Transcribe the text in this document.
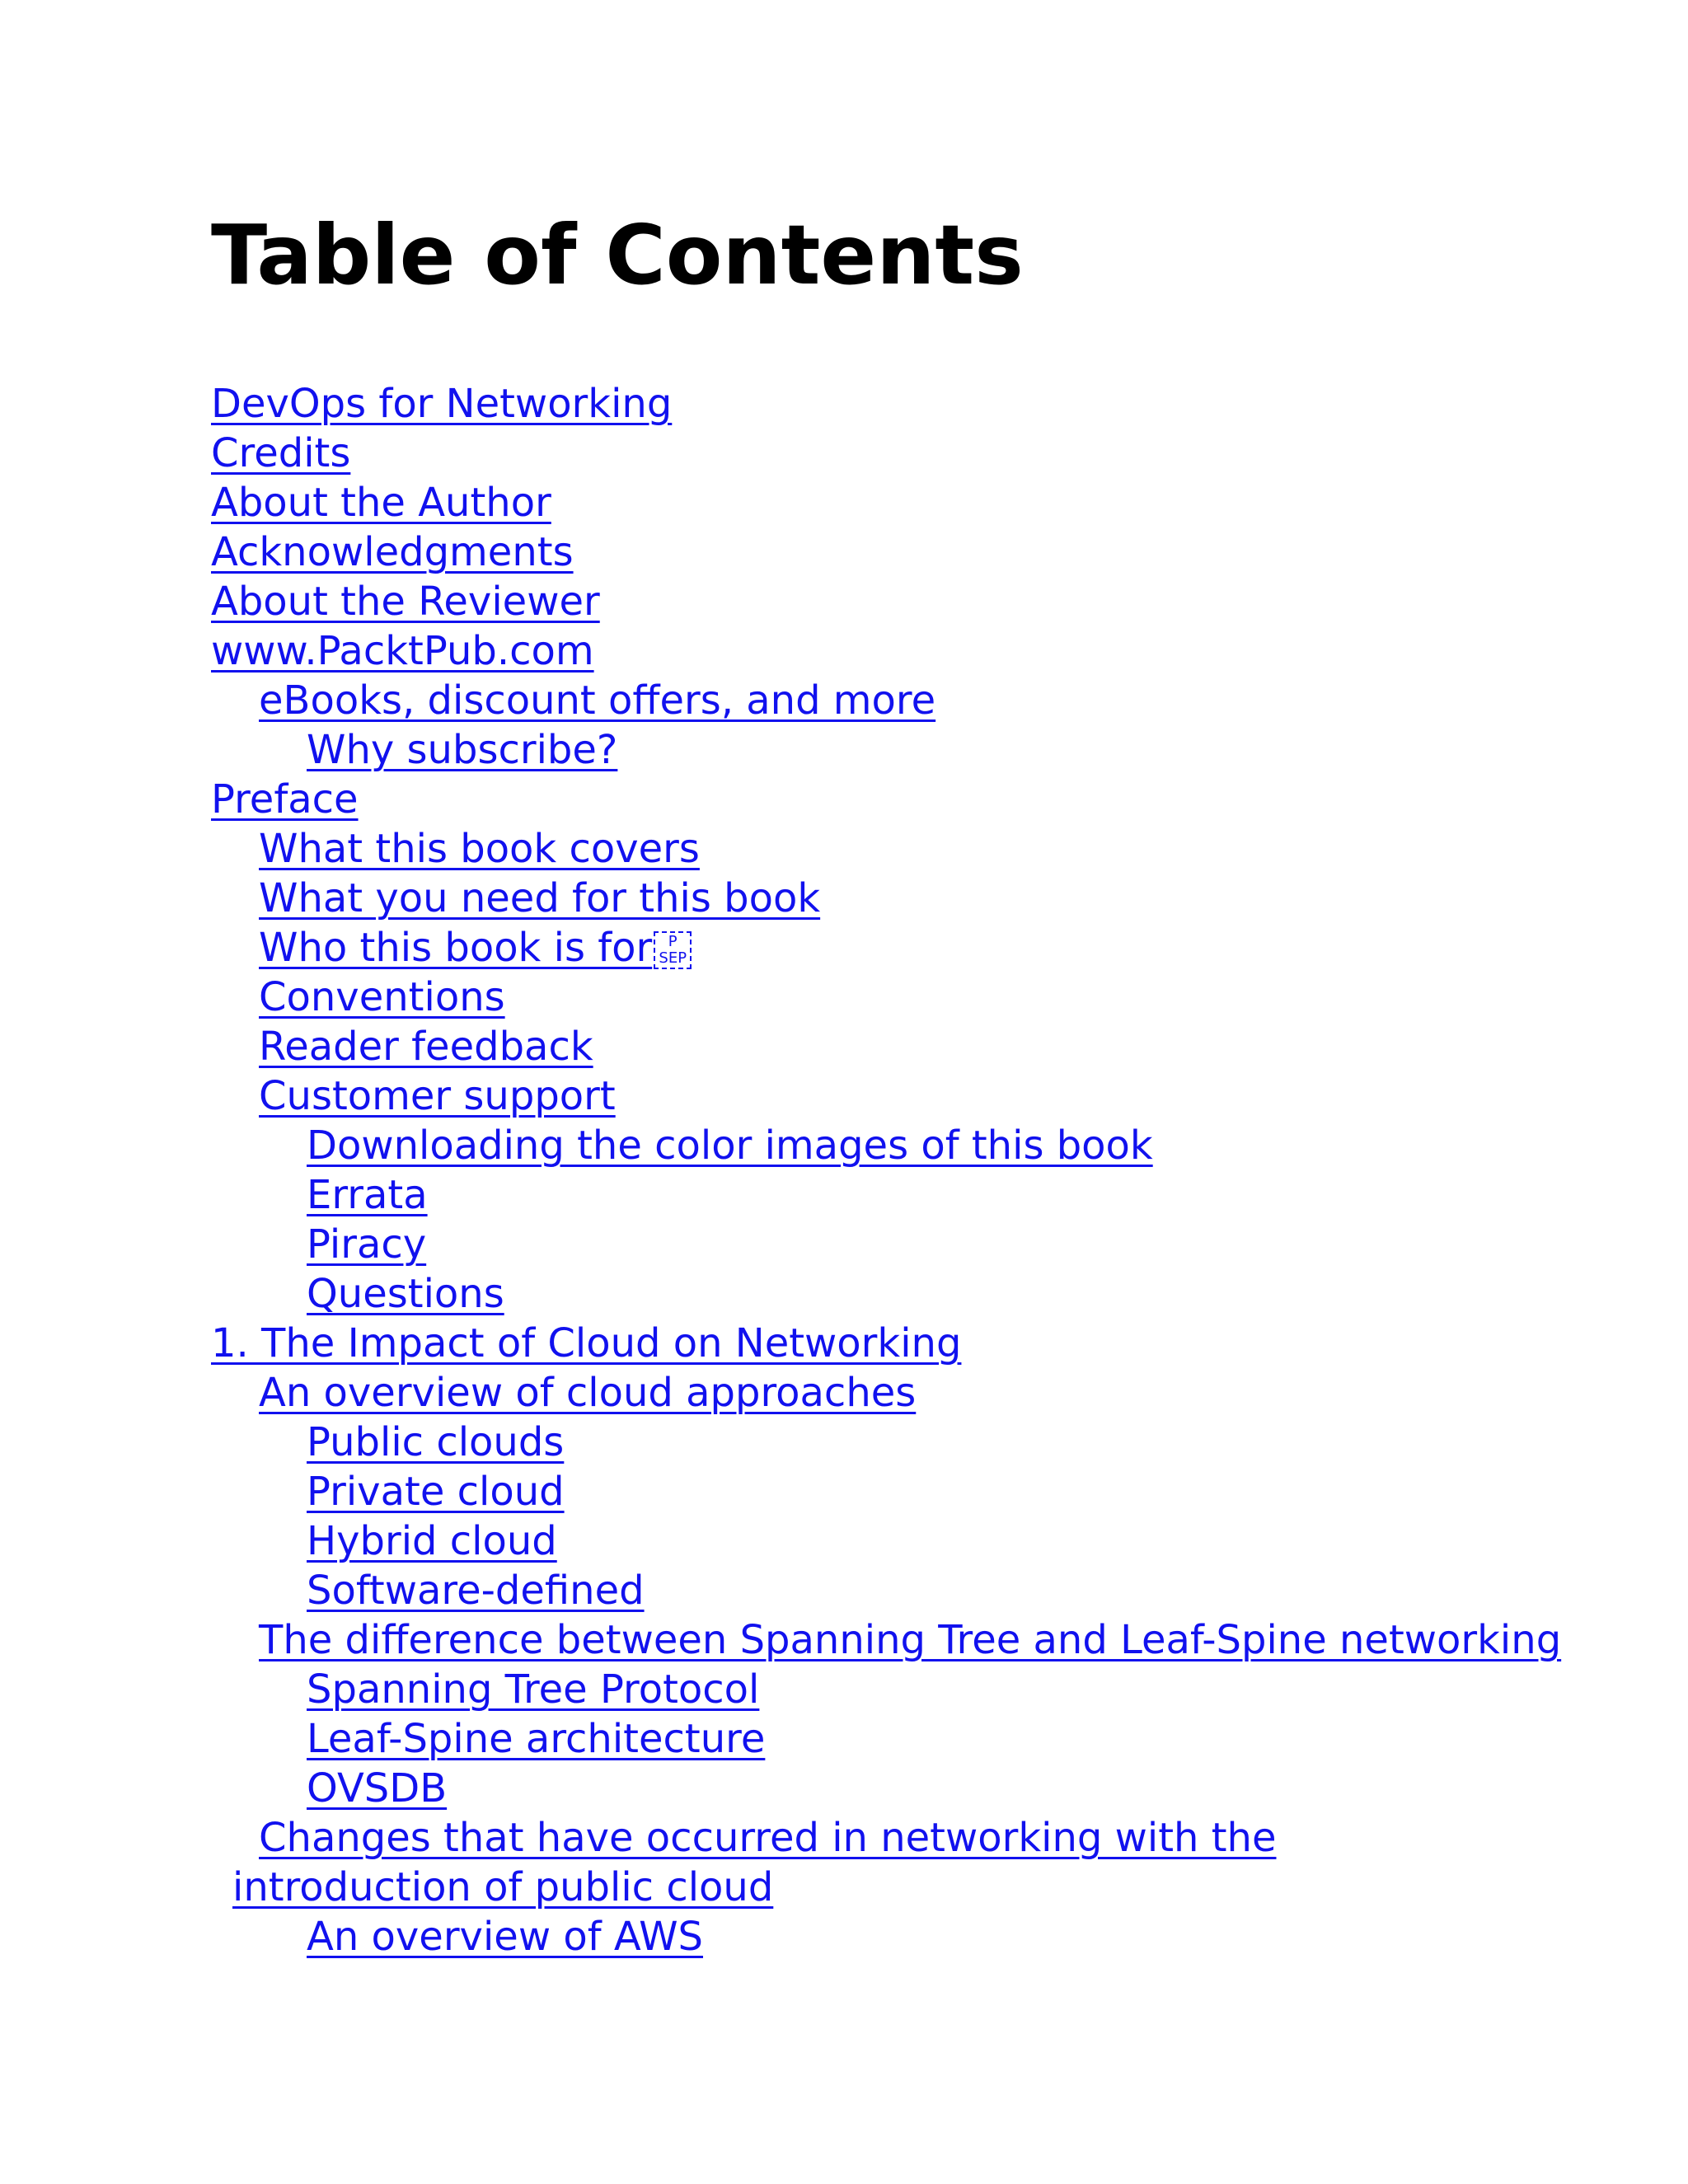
Table of Contents
DevOps for Networking
Credits
About the Author
Acknowledgments
About the Reviewer
www.PacktPub.com
eBooks, discount offers, and more
Why subscribe?
Preface
What this book covers
What you need for this book
Who this book is for P
SEP
Conventions
Reader feedback
Customer support
Downloading the color images of this book
Errata
Piracy
Questions
1. The Impact of Cloud on Networking
An overview of cloud approaches
Public clouds
Private cloud
Hybrid cloud
Software-defined
The difference between Spanning Tree and Leaf-Spine networking
Spanning Tree Protocol
Leaf-Spine architecture
OVSDB
Changes that have occurred in networking with the introduction of public cloud
An overview of AWS
